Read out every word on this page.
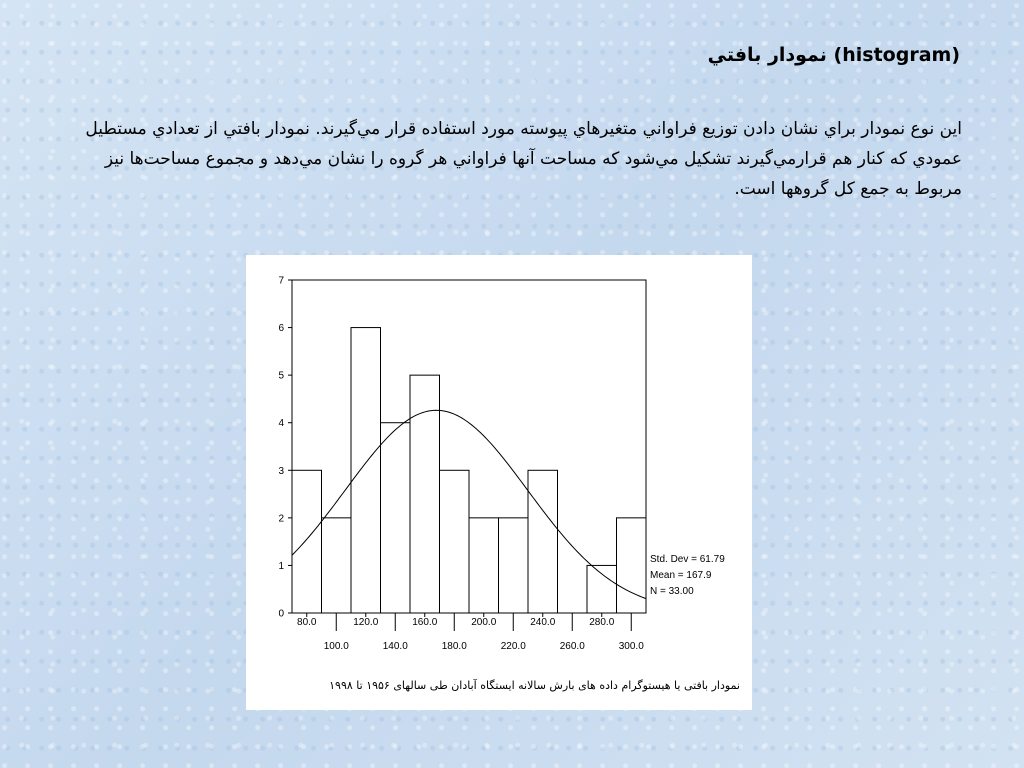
(histogram) نمودار بافتي

اين نوع نمودار براي نشان دادن توزيع فراواني متغيرهاي پيوسته مورد استفاده قرار مي‌گيرند. نمودار بافتي از تعدادي مستطيل عمودي كه كنار هم قرارمي‌گيرند تشكيل مي‌شود كه مساحت آنها فراواني هر گروه را نشان مي‌دهد و مجموع مساحت‌ها نيز مربوط به جمع كل گروهها است.

0
1
2
3
4
5
6
7
80.0	120.0	160.0	200.0	240.0	280.0
100.0	140.0	180.0	220.0	260.0	300.0
Std. Dev = 61.79
Mean = 167.9
N = 33.00
نمودار بافتی یا هیستوگرام داده های بارش سالانه ایستگاه آبادان طی سالهای ۱۹۵۶ تا ۱۹۹۸
